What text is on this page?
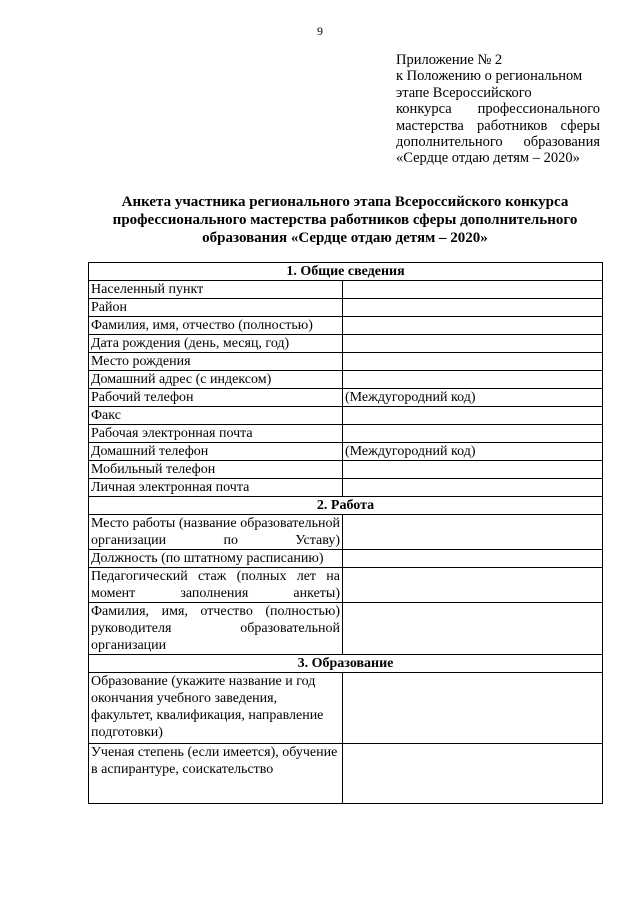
9
Приложение № 2
к Положению о региональном
этапе Всероссийского
конкурса профессионального
мастерства работников сферы
дополнительного образования
«Сердце отдаю детям – 2020»
Анкета участника регионального этапа Всероссийского конкурса
профессионального мастерства работников сферы дополнительного
образования «Сердце отдаю детям – 2020»
1. Общие сведения	
Населенный пункт	
Район	
Фамилия, имя, отчество (полностью)	
Дата рождения (день, месяц, год)	
Место рождения	
Домашний адрес (с индексом)	
Рабочий телефон	(Междугородний код)
Факс	
Рабочая электронная почта	
Домашний телефон	(Междугородний код)
Мобильный телефон	
Личная электронная почта	
2. Работа	
Место работы (название образовательной организации по Уставу)	
Должность (по штатному расписанию)	
Педагогический стаж (полных лет на момент заполнения анкеты)	
Фамилия, имя, отчество (полностью) руководителя образовательной организации	
3. Образование	
Образование (укажите название и год окончания учебного заведения, факультет, квалификация, направление подготовки)	
Ученая степень (если имеется), обучение в аспирантуре, соискательство	
